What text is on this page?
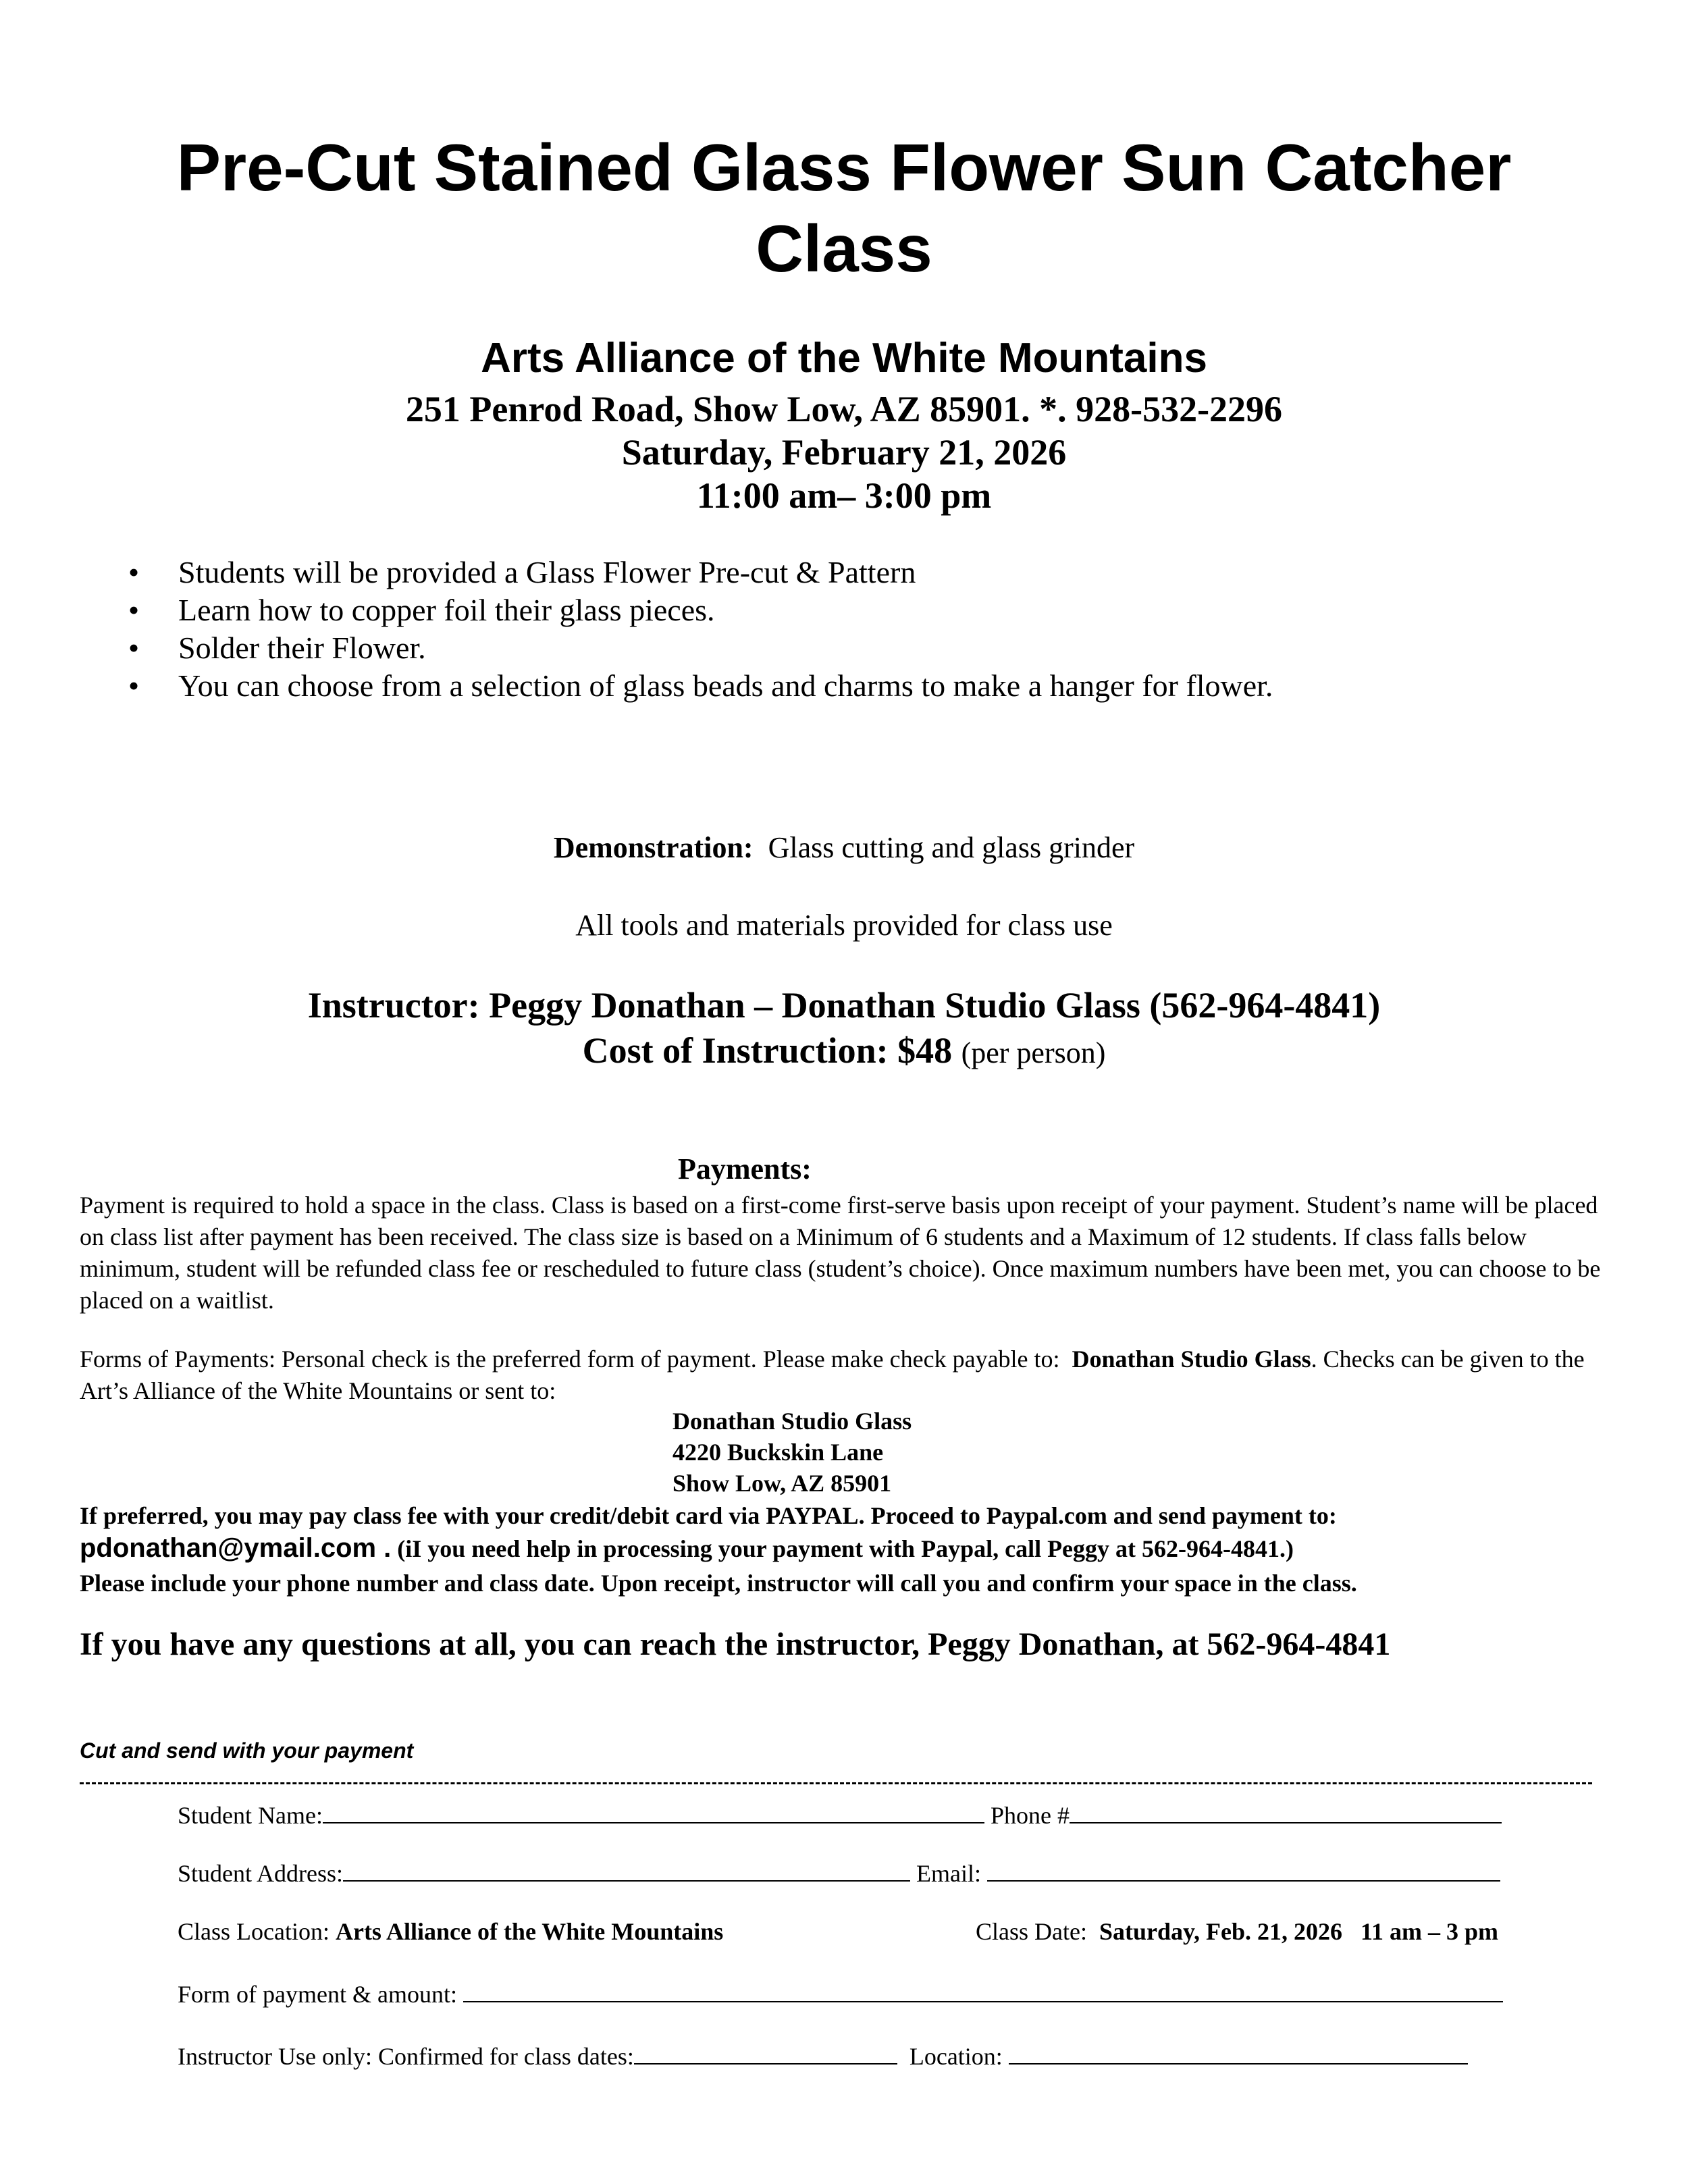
Pre-Cut Stained Glass Flower Sun Catcher
Class
Arts Alliance of the White Mountains
251 Penrod Road, Show Low, AZ 85901. *. 928-532-2296
Saturday, February 21, 2026
11:00 am– 3:00 pm
• Students will be provided a Glass Flower Pre-cut & Pattern
• Learn how to copper foil their glass pieces.
• Solder their Flower.
• You can choose from a selection of glass beads and charms to make a hanger for flower.
Demonstration: Glass cutting and glass grinder
All tools and materials provided for class use
Instructor: Peggy Donathan – Donathan Studio Glass (562-964-4841)
Cost of Instruction: $48 (per person)
Payments:
Payment is required to hold a space in the class. Class is based on a first-come first-serve basis upon receipt of your payment. Student’s name will be placed on class list after payment has been received. The class size is based on a Minimum of 6 students and a Maximum of 12 students. If class falls below minimum, student will be refunded class fee or rescheduled to future class (student’s choice). Once maximum numbers have been met, you can choose to be placed on a waitlist.
Forms of Payments: Personal check is the preferred form of payment. Please make check payable to: Donathan Studio Glass. Checks can be given to the Art’s Alliance of the White Mountains or sent to:
Donathan Studio Glass
4220 Buckskin Lane
Show Low, AZ 85901
If preferred, you may pay class fee with your credit/debit card via PAYPAL. Proceed to Paypal.com and send payment to:
pdonathan@ymail.com . (iI you need help in processing your payment with Paypal, call Peggy at 562-964-4841.)
Please include your phone number and class date. Upon receipt, instructor will call you and confirm your space in the class.
If you have any questions at all, you can reach the instructor, Peggy Donathan, at 562-964-4841
Cut and send with your payment
Student Name:	Phone #
Student Address:	Email:
Class Location: Arts Alliance of the White Mountains	Class Date: Saturday, Feb. 21, 2026   11 am – 3 pm
Form of payment & amount:
Instructor Use only: Confirmed for class dates:	Location:
